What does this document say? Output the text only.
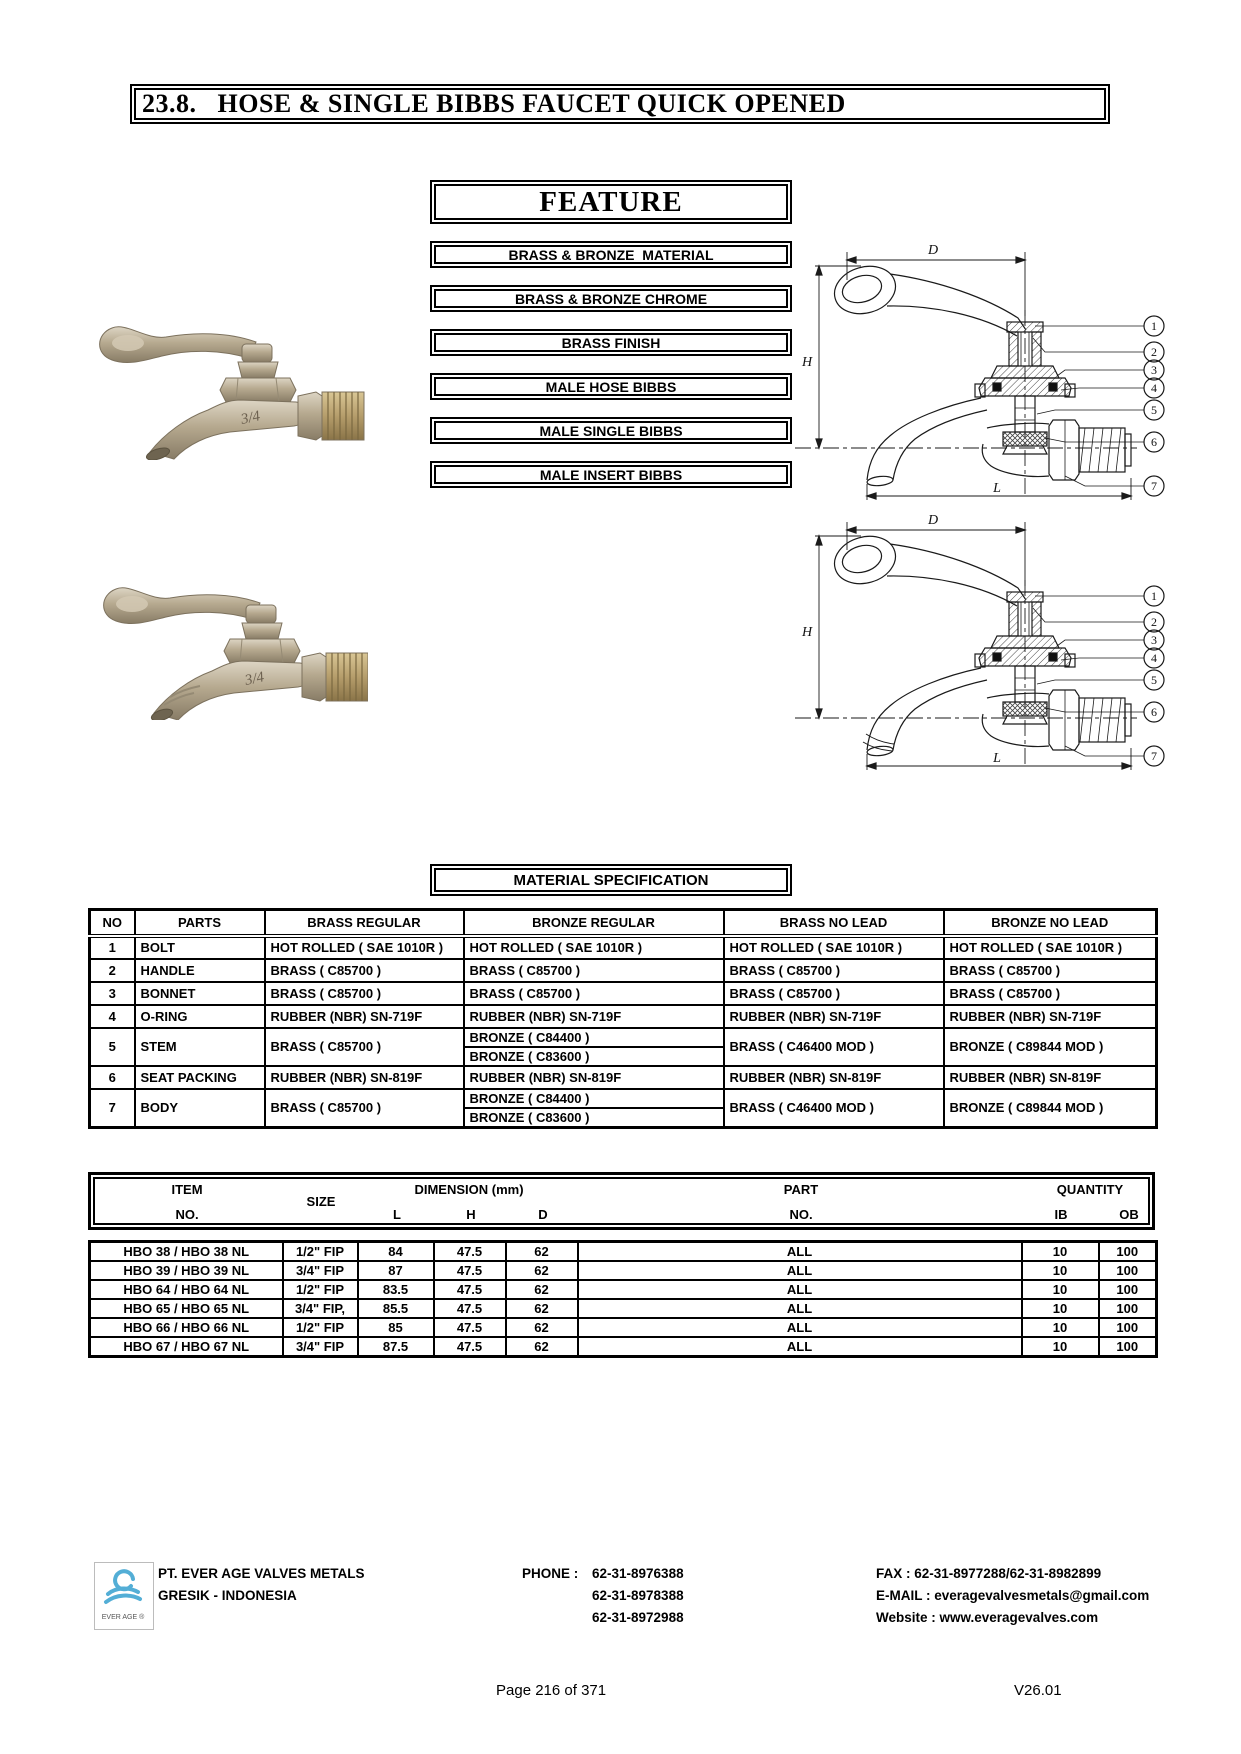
23.8.   HOSE & SINGLE BIBBS FAUCET QUICK OPENED
FEATURE
BRASS & BRONZE  MATERIAL
BRASS & BRONZE CHROME
BRASS FINISH
MALE HOSE BIBBS
MALE SINGLE BIBBS
MALE INSERT BIBBS
3/4
3/4
1
2
3
4
5
6
7
D
H
L
1
2
3
4
5
6
7
D
H
L
MATERIAL SPECIFICATION
NO	PARTS	BRASS REGULAR	BRONZE REGULAR	BRASS NO LEAD	BRONZE NO LEAD
1	BOLT	HOT ROLLED ( SAE 1010R )	HOT ROLLED ( SAE 1010R )	HOT ROLLED ( SAE 1010R )	HOT ROLLED ( SAE 1010R )
2	HANDLE	BRASS ( C85700 )	BRASS ( C85700 )	BRASS ( C85700 )	BRASS ( C85700 )
3	BONNET	BRASS ( C85700 )	BRASS ( C85700 )	BRASS ( C85700 )	BRASS ( C85700 )
4	O-RING	RUBBER (NBR) SN-719F	RUBBER (NBR) SN-719F	RUBBER (NBR) SN-719F	RUBBER (NBR) SN-719F
5	STEM	BRASS ( C85700 )	BRONZE ( C84400 )	BRASS ( C46400 MOD )	BRONZE ( C89844 MOD )
			BRONZE ( C83600 )		
6	SEAT PACKING	RUBBER (NBR) SN-819F	RUBBER (NBR) SN-819F	RUBBER (NBR) SN-819F	RUBBER (NBR) SN-819F
7	BODY	BRASS ( C85700 )	BRONZE ( C84400 )	BRASS ( C46400 MOD )	BRONZE ( C89844 MOD )
			BRONZE ( C83600 )		
ITEM
NO.
SIZE
DIMENSION (mm)
L	H	D
PART
NO.
QUANTITY
IB	OB
HBO 38 / HBO 38 NL	1/2" FIP	84	47.5	62	ALL	10	100
HBO 39 / HBO 39 NL	3/4" FIP	87	47.5	62	ALL	10	100
HBO 64 / HBO 64 NL	1/2" FIP	83.5	47.5	62	ALL	10	100
HBO 65 / HBO 65 NL	3/4" FIP,	85.5	47.5	62	ALL	10	100
HBO 66 / HBO 66 NL	1/2" FIP	85	47.5	62	ALL	10	100
HBO 67 / HBO 67 NL	3/4" FIP	87.5	47.5	62	ALL	10	100
EVER AGE ®
PT. EVER AGE VALVES METALS
GRESIK - INDONESIA
PHONE : 62-31-8976388
62-31-8978388
62-31-8972988
FAX : 62-31-8977288/62-31-8982899
E-MAIL : everagevalvesmetals@gmail.com
Website : www.everagevalves.com
Page 216 of 371	V26.01
